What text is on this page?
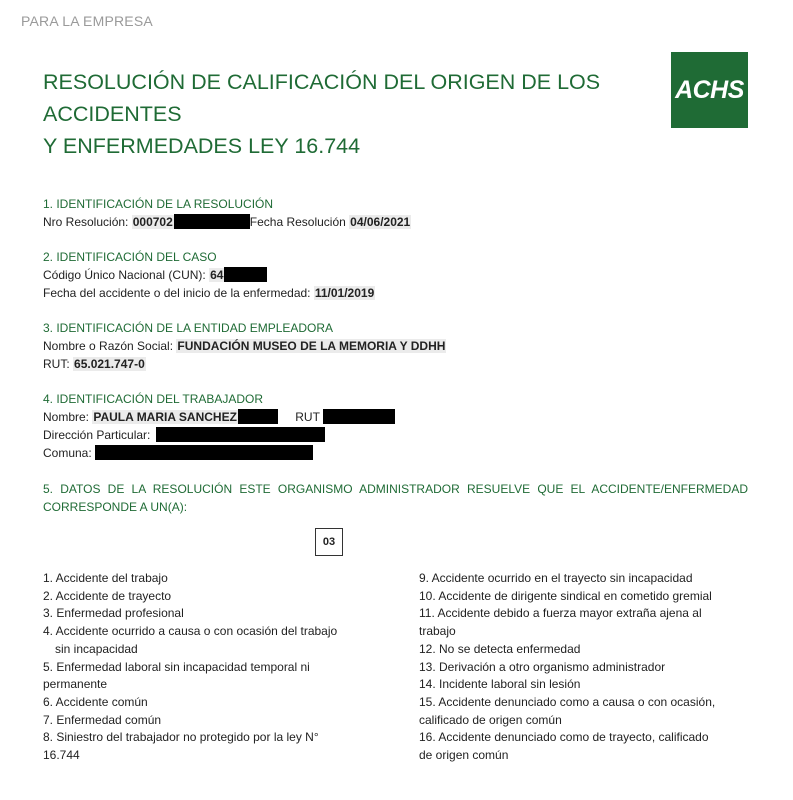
PARA LA EMPRESA
RESOLUCIÓN DE CALIFICACIÓN DEL ORIGEN DE LOS
ACCIDENTES
Y ENFERMEDADES LEY 16.744
ACHS
1. IDENTIFICACIÓN DE LA RESOLUCIÓN
Nro Resolución: 000702	Fecha Resolución 04/06/2021
2. IDENTIFICACIÓN DEL CASO
Código Único Nacional (CUN): 64
Fecha del accidente o del inicio de la enfermedad: 11/01/2019
3. IDENTIFICACIÓN DE LA ENTIDAD EMPLEADORA
Nombre o Razón Social: FUNDACIÓN MUSEO DE LA MEMORIA Y DDHH
RUT: 65.021.747-0
4. IDENTIFICACIÓN DEL TRABAJADOR
Nombre: PAULA MARIA SANCHEZ	RUT
Dirección Particular:
Comuna:
5. DATOS DE LA RESOLUCIÓN ESTE ORGANISMO ADMINISTRADOR RESUELVE QUE EL ACCIDENTE/ENFERMEDAD CORRESPONDE A UN(A):
03
1. Accidente del trabajo
2. Accidente de trayecto
3. Enfermedad profesional
4. Accidente ocurrido a causa o con ocasión del trabajo
sin incapacidad
5. Enfermedad laboral sin incapacidad temporal ni
permanente
6. Accidente común
7. Enfermedad común
8. Siniestro del trabajador no protegido por la ley N°
16.744
9. Accidente ocurrido en el trayecto sin incapacidad
10. Accidente de dirigente sindical en cometido gremial
11. Accidente debido a fuerza mayor extraña ajena al
trabajo
12. No se detecta enfermedad
13. Derivación a otro organismo administrador
14. Incidente laboral sin lesión
15. Accidente denunciado como a causa o con ocasión,
calificado de origen común
16. Accidente denunciado como de trayecto, calificado
de origen común
